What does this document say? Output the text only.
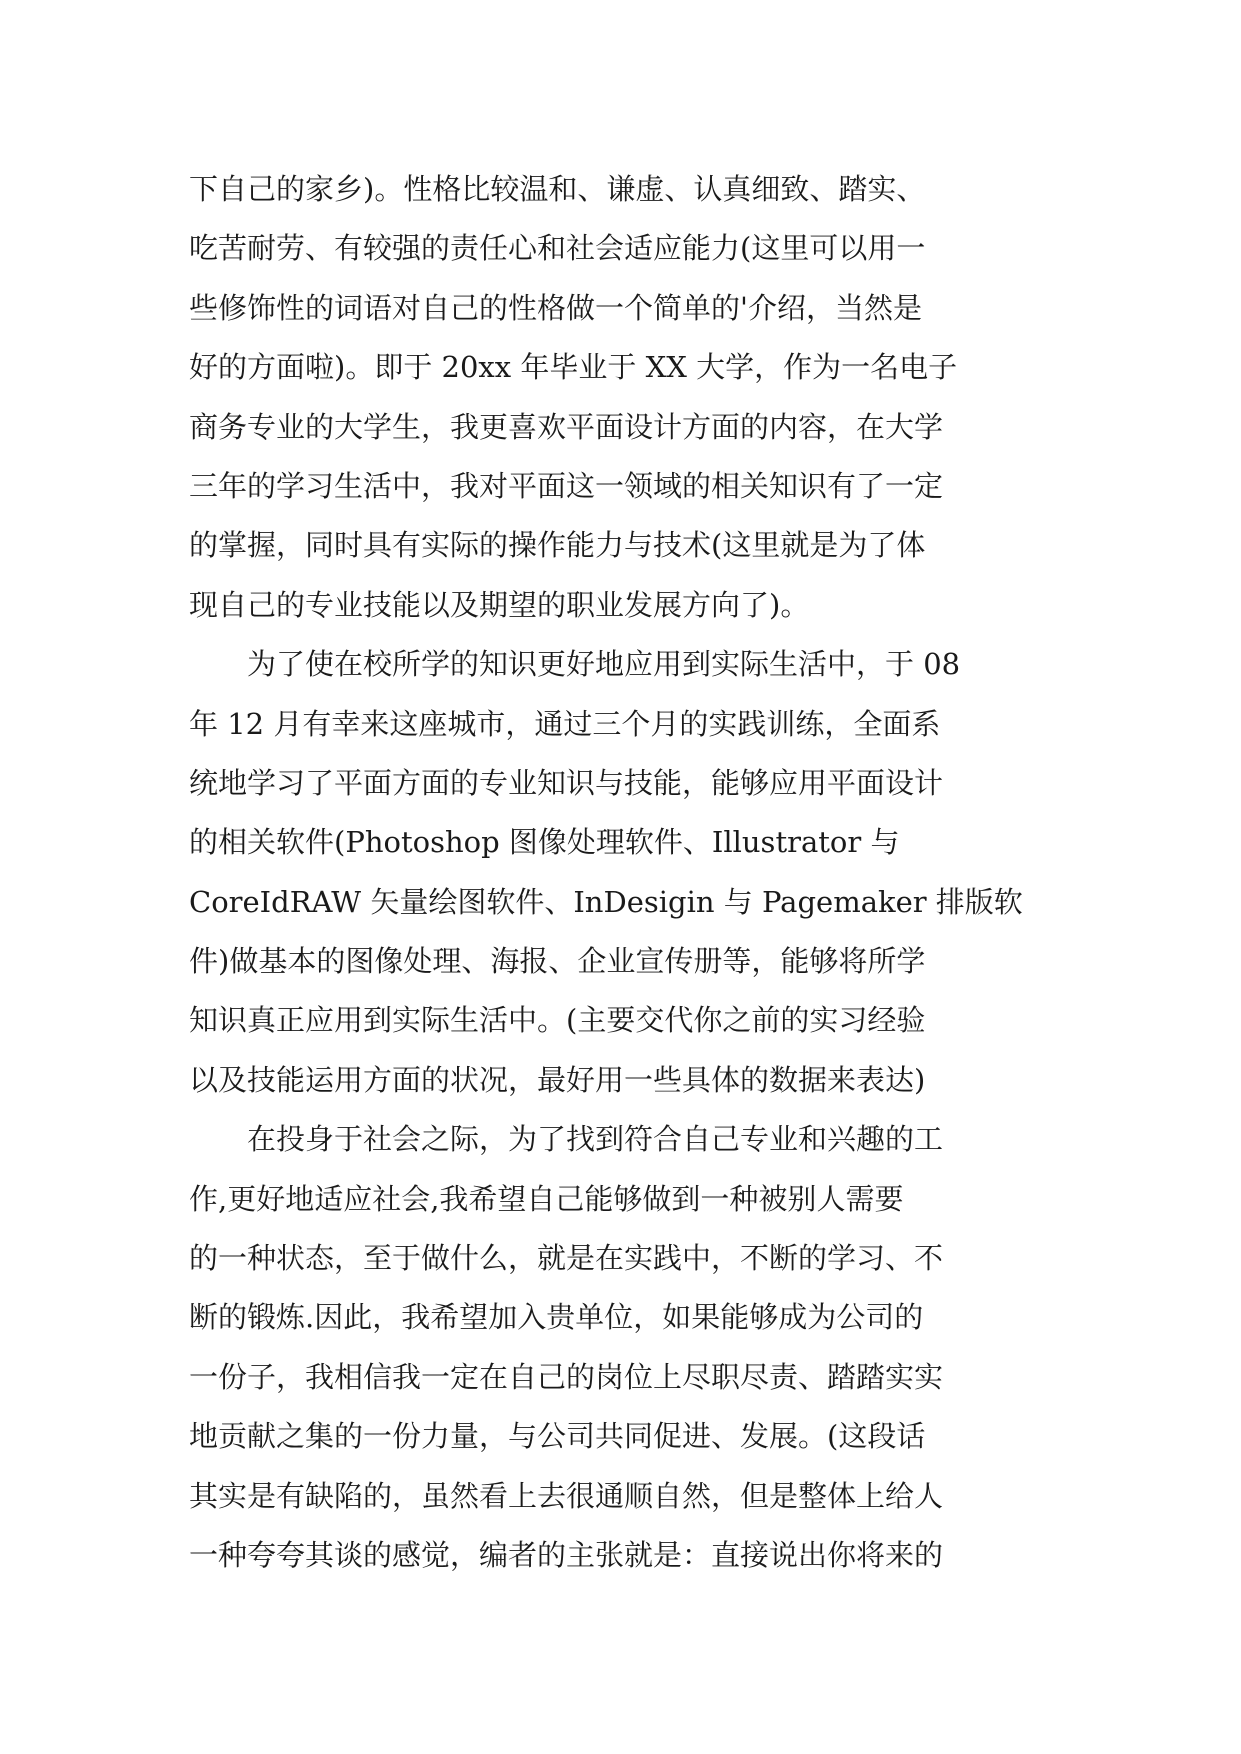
下自己的家乡)。性格比较温和、谦虚、认真细致、踏实、
吃苦耐劳、有较强的责任心和社会适应能力(这里可以用一
些修饰性的词语对自己的性格做一个简单的'介绍，当然是
好的方面啦)。即于 20xx 年毕业于 XX 大学，作为一名电子
商务专业的大学生，我更喜欢平面设计方面的内容，在大学
三年的学习生活中，我对平面这一领域的相关知识有了一定
的掌握，同时具有实际的操作能力与技术(这里就是为了体
现自己的专业技能以及期望的职业发展方向了)。
　　为了使在校所学的知识更好地应用到实际生活中，于 08
年 12 月有幸来这座城市，通过三个月的实践训练，全面系
统地学习了平面方面的专业知识与技能，能够应用平面设计
的相关软件(Photoshop 图像处理软件、Illustrator 与
CoreIdRAW 矢量绘图软件、InDesigin 与 Pagemaker 排版软
件)做基本的图像处理、海报、企业宣传册等，能够将所学
知识真正应用到实际生活中。(主要交代你之前的实习经验
以及技能运用方面的状况，最好用一些具体的数据来表达)
　　在投身于社会之际，为了找到符合自己专业和兴趣的工
作,更好地适应社会,我希望自己能够做到一种被别人需要
的一种状态，至于做什么，就是在实践中，不断的学习、不
断的锻炼.因此，我希望加入贵单位，如果能够成为公司的
一份子，我相信我一定在自己的岗位上尽职尽责、踏踏实实
地贡献之集的一份力量，与公司共同促进、发展。(这段话
其实是有缺陷的，虽然看上去很通顺自然，但是整体上给人
一种夸夸其谈的感觉，编者的主张就是：直接说出你将来的
